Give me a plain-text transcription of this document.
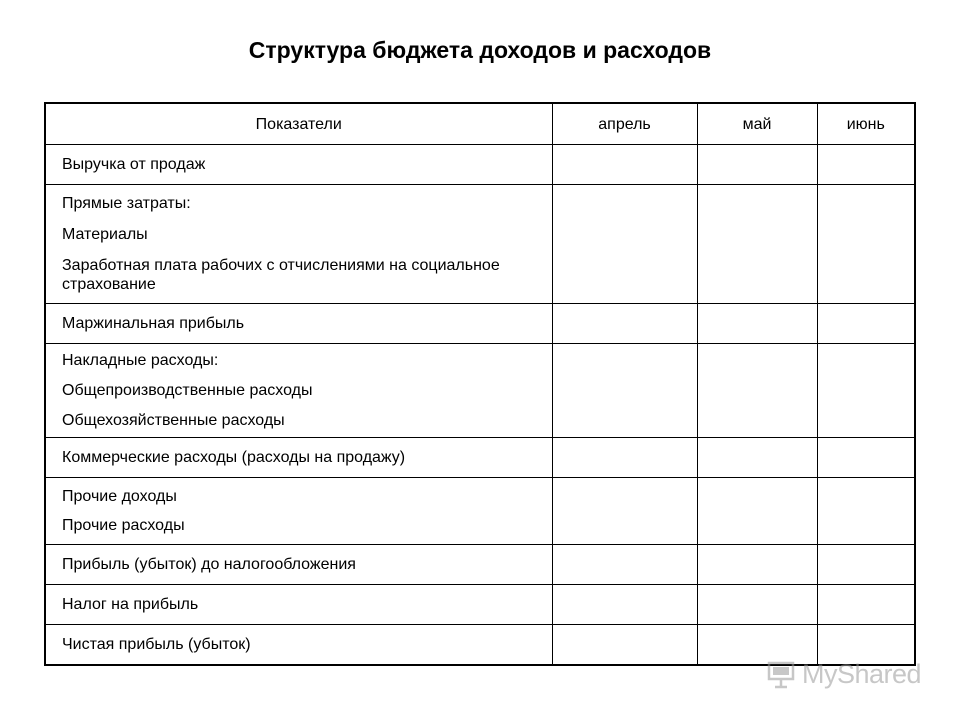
Структура бюджета доходов и расходов
Показатели	апрель	май	июнь

Выручка от продаж			

Прямые затраты:
Материалы
Заработная плата рабочих с отчислениями на социальное страхование			

Маржинальная прибыль			

Накладные расходы:
Общепроизводственные расходы
Общехозяйственные расходы			

Коммерческие расходы (расходы на продажу)			

Прочие доходы
Прочие расходы			

Прибыль (убыток) до налогообложения			

Налог на прибыль			

Чистая прибыль (убыток)			

MyShared
